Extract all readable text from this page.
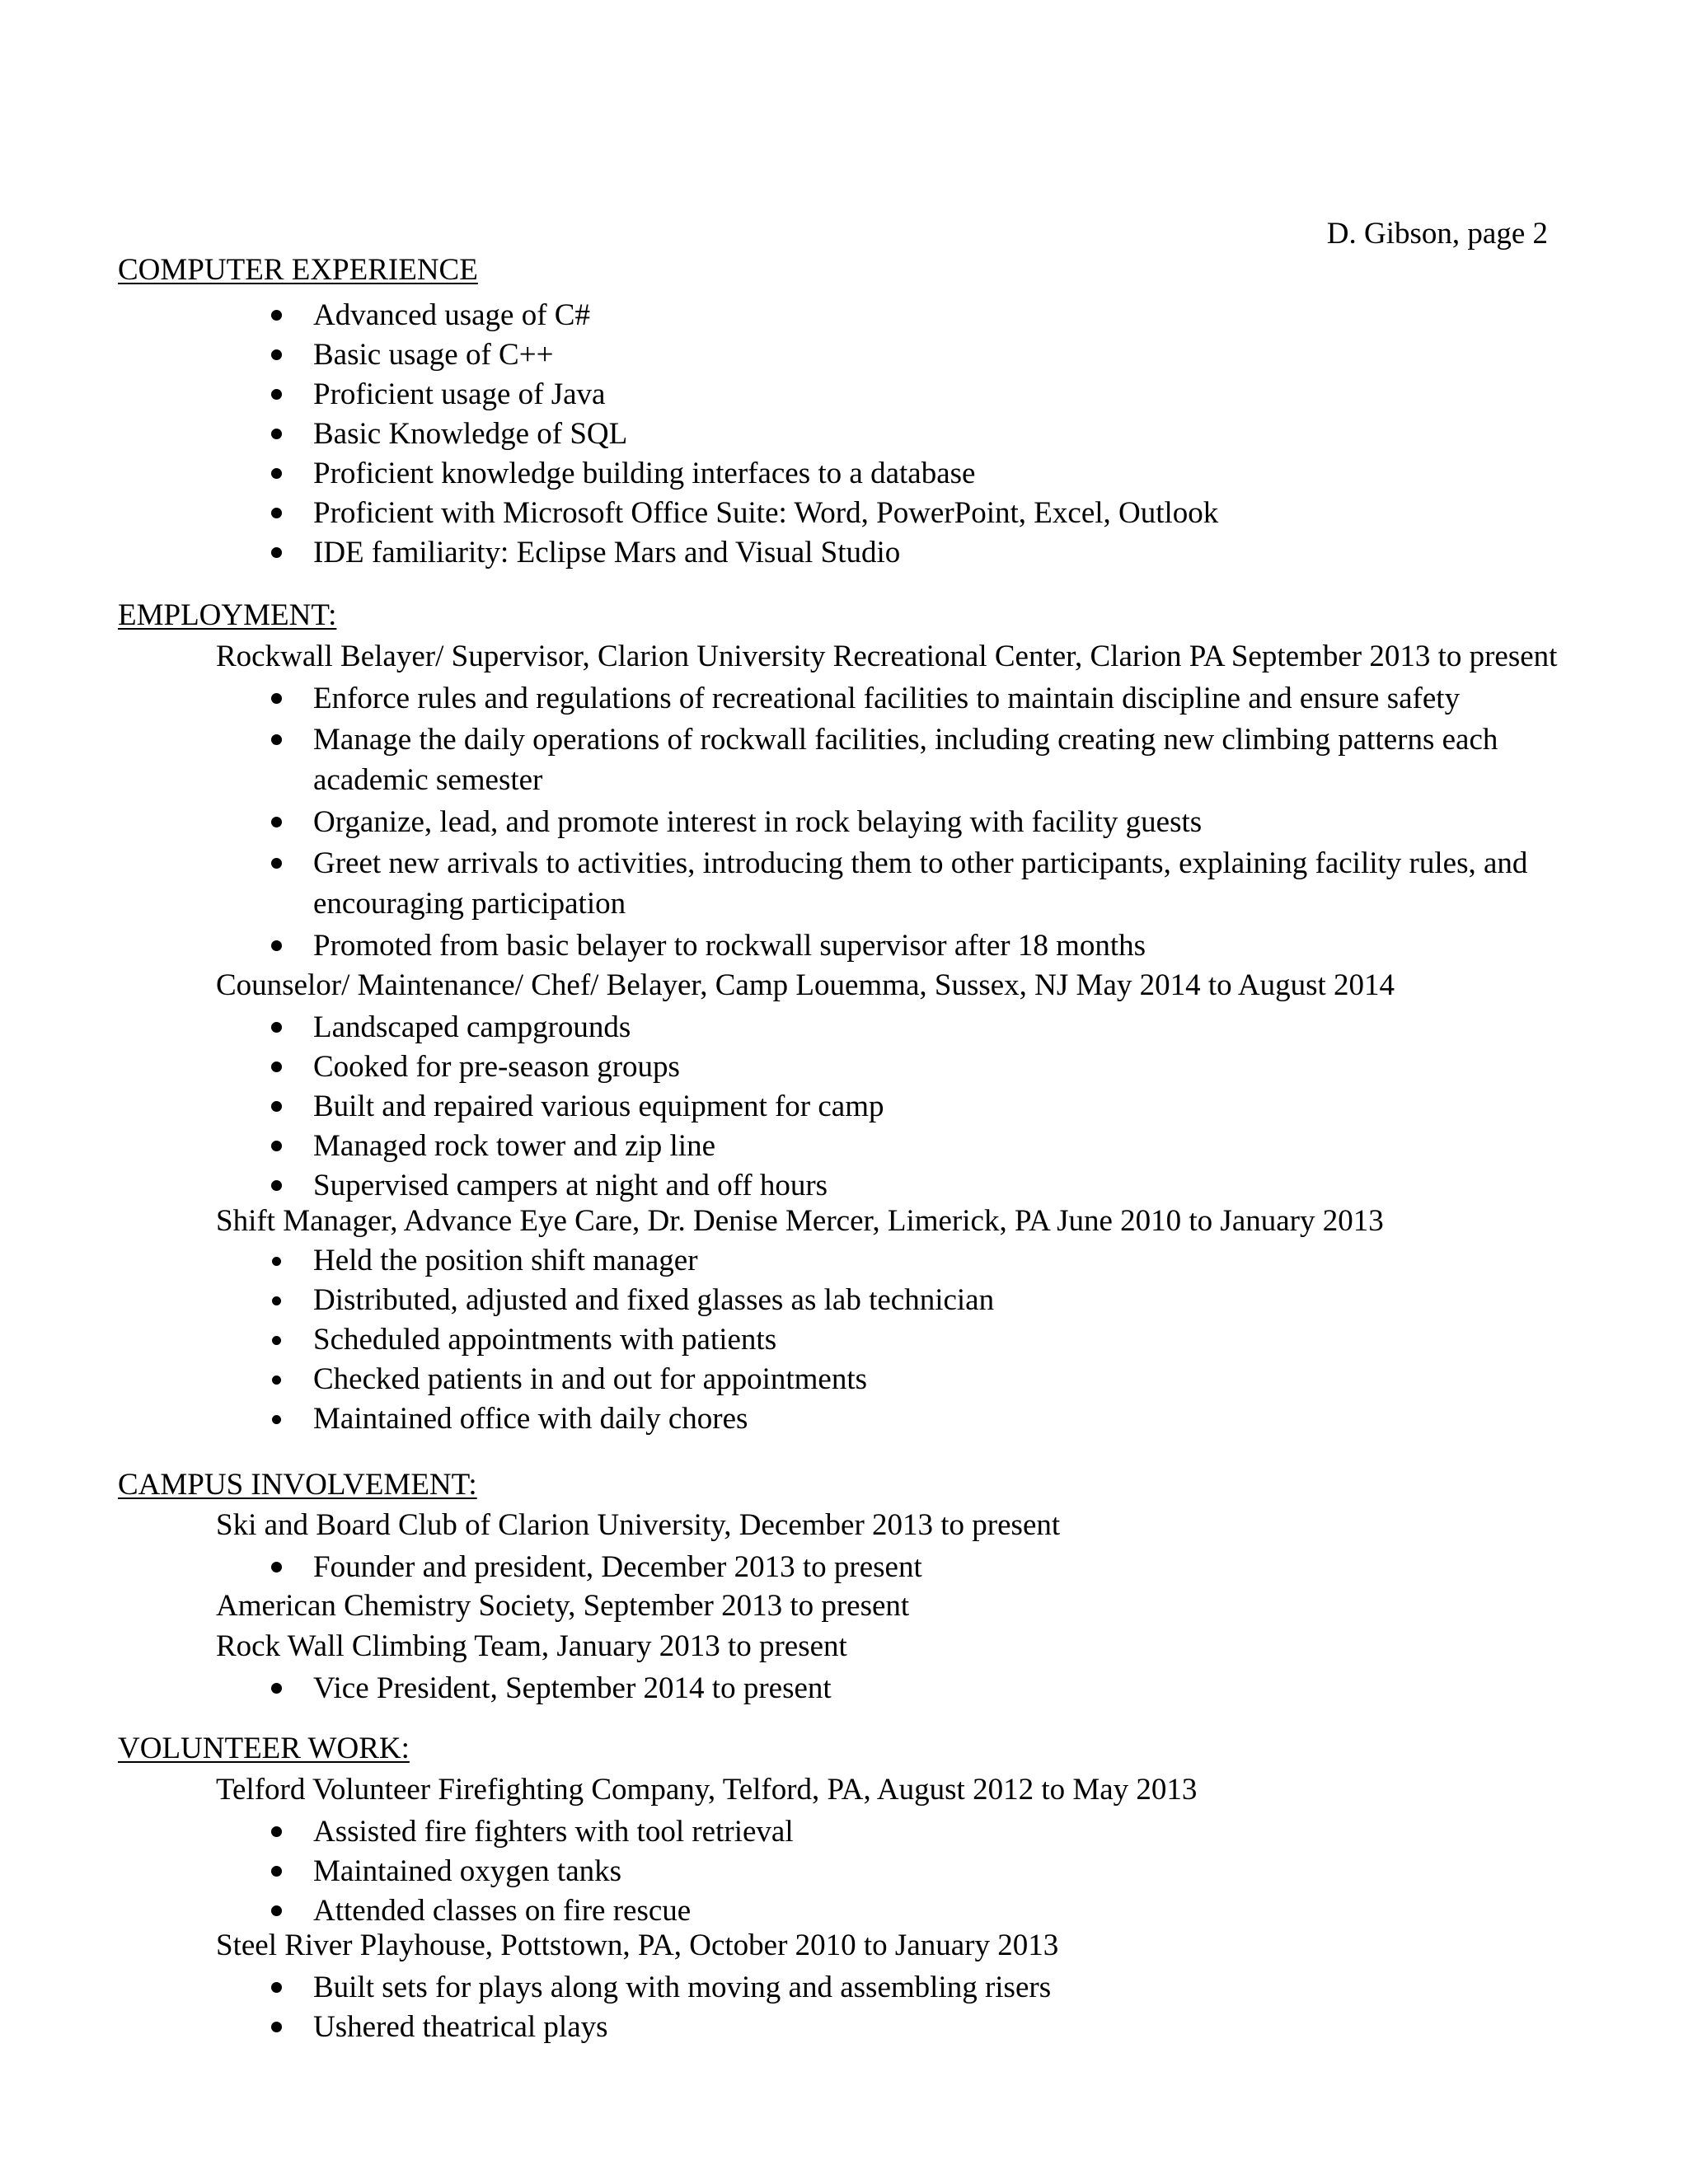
D. Gibson, page 2

COMPUTER EXPERIENCE

Advanced usage of C#

Basic usage of C++

Proficient usage of Java

Basic Knowledge of SQL

Proficient knowledge building interfaces to a database

Proficient with Microsoft Office Suite: Word, PowerPoint, Excel, Outlook

IDE familiarity: Eclipse Mars and Visual Studio

EMPLOYMENT:

Rockwall Belayer/ Supervisor, Clarion University Recreational Center, Clarion PA September 2013 to present

Enforce rules and regulations of recreational facilities to maintain discipline and ensure safety

Manage the daily operations of rockwall facilities, including creating new climbing patterns each

academic semester

Organize, lead, and promote interest in rock belaying with facility guests

Greet new arrivals to activities, introducing them to other participants, explaining facility rules, and

encouraging participation

Promoted from basic belayer to rockwall supervisor after 18 months

Counselor/ Maintenance/ Chef/ Belayer, Camp Louemma, Sussex, NJ May 2014 to August 2014

Landscaped campgrounds

Cooked for pre-season groups

Built and repaired various equipment for camp

Managed rock tower and zip line

Supervised campers at night and off hours

Shift Manager, Advance Eye Care, Dr. Denise Mercer, Limerick, PA June 2010 to January 2013

Held the position shift manager

Distributed, adjusted and fixed glasses as lab technician

Scheduled appointments with patients

Checked patients in and out for appointments

Maintained office with daily chores

CAMPUS INVOLVEMENT:

Ski and Board Club of Clarion University, December 2013 to present

Founder and president, December 2013 to present

American Chemistry Society, September 2013 to present

Rock Wall Climbing Team, January 2013 to present

Vice President, September 2014 to present

VOLUNTEER WORK:

Telford Volunteer Firefighting Company, Telford, PA, August 2012 to May 2013

Assisted fire fighters with tool retrieval

Maintained oxygen tanks

Attended classes on fire rescue

Steel River Playhouse, Pottstown, PA, October 2010 to January 2013

Built sets for plays along with moving and assembling risers

Ushered theatrical plays
